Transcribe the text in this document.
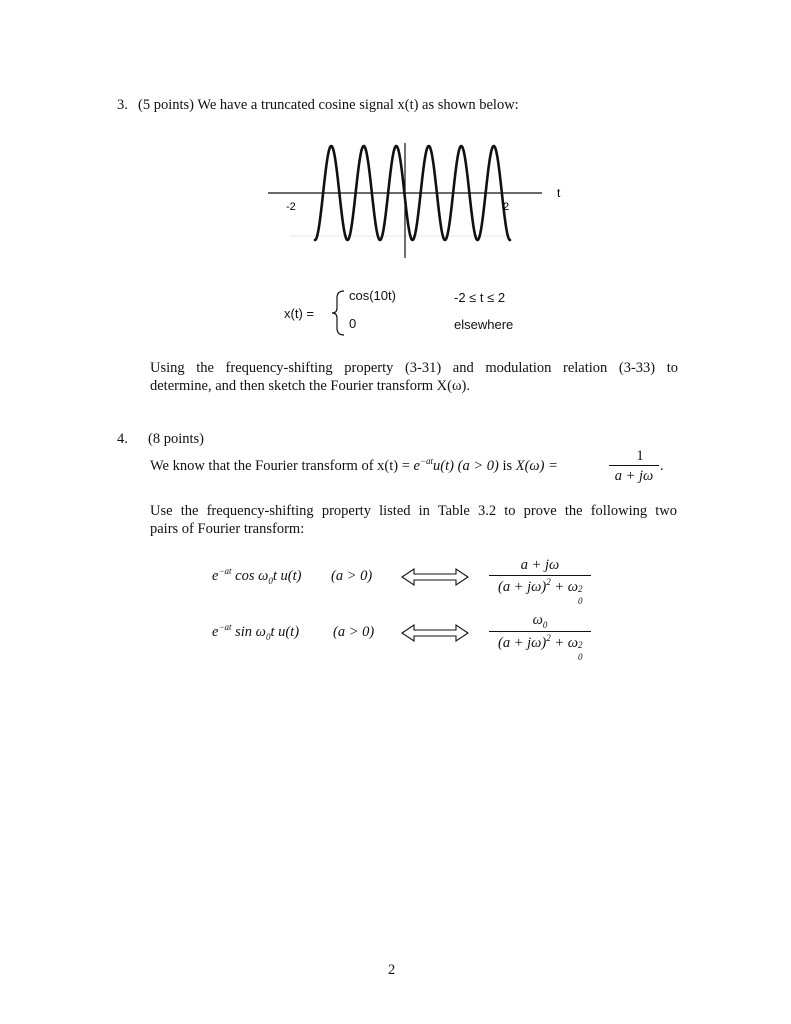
3. (5 points) We have a truncated cosine signal x(t) as shown below:
t
-2	2
x(t) =
cos(10t)	-2 ≤ t ≤ 2
0	elsewhere
Using the frequency-shifting property (3-31) and modulation relation (3-33) to
determine, and then sketch the Fourier transform X(ω).
4. (8 points)
We know that the Fourier transform of $x(t) = e^{-at}u(t) (a > 0)$ is X(ω) =
1
a + jω
.
Use the frequency-shifting property listed in Table 3.2 to prove the following two
pairs of Fourier transform:
$e^{-at}$ $\cos \omega_0t$ u(t) (a > 0)
a + jω
$(a + j\omega)^2 + \omega$ 2
0
$e^{-at}$ $\sin \omega_0t$ u(t) (a > 0)
$\omega_0$
$(a + j\omega)^2 + \omega$ 2
0
2
